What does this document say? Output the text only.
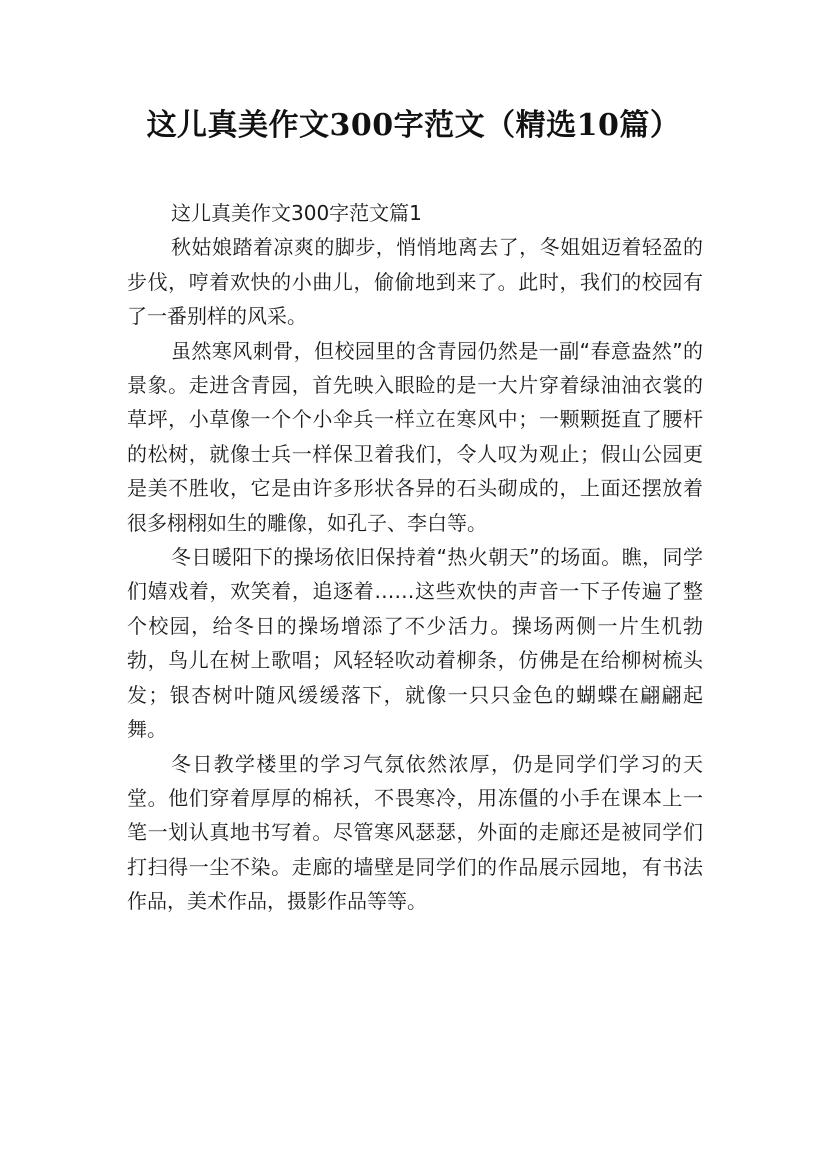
这儿真美作文300字范文（精选10篇）

这儿真美作文300字范文篇1

秋姑娘踏着凉爽的脚步，悄悄地离去了，冬姐姐迈着轻盈的步伐，哼着欢快的小曲儿，偷偷地到来了。此时，我们的校园有了一番别样的风采。

虽然寒风刺骨，但校园里的含青园仍然是一副“春意盎然”的景象。走进含青园，首先映入眼睑的是一大片穿着绿油油衣裳的草坪，小草像一个个小伞兵一样立在寒风中；一颗颗挺直了腰杆的松树，就像士兵一样保卫着我们，令人叹为观止；假山公园更是美不胜收，它是由许多形状各异的石头砌成的，上面还摆放着很多栩栩如生的雕像，如孔子、李白等。

冬日暖阳下的操场依旧保持着“热火朝天”的场面。瞧，同学们嬉戏着，欢笑着，追逐着……这些欢快的声音一下子传遍了整个校园，给冬日的操场增添了不少活力。操场两侧一片生机勃勃，鸟儿在树上歌唱；风轻轻吹动着柳条，仿佛是在给柳树梳头发；银杏树叶随风缓缓落下，就像一只只金色的蝴蝶在翩翩起舞。

冬日教学楼里的学习气氛依然浓厚，仍是同学们学习的天堂。他们穿着厚厚的棉袄，不畏寒冷，用冻僵的小手在课本上一笔一划认真地书写着。尽管寒风瑟瑟，外面的走廊还是被同学们打扫得一尘不染。走廊的墙壁是同学们的作品展示园地，有书法作品，美术作品，摄影作品等等。
